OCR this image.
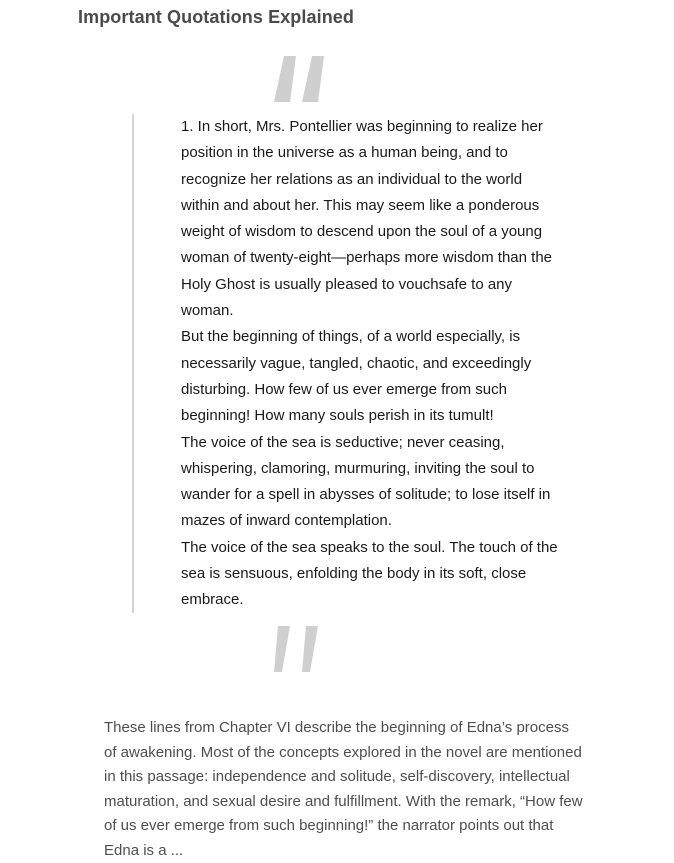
Important Quotations Explained

1. In short, Mrs. Pontellier was beginning to realize her position in the universe as a human being, and to recognize her relations as an individual to the world within and about her. This may seem like a ponderous weight of wisdom to descend upon the soul of a young woman of twenty-eight—perhaps more wisdom than the Holy Ghost is usually pleased to vouchsafe to any woman.

But the beginning of things, of a world especially, is necessarily vague, tangled, chaotic, and exceedingly disturbing. How few of us ever emerge from such beginning! How many souls perish in its tumult!

The voice of the sea is seductive; never ceasing, whispering, clamoring, murmuring, inviting the soul to wander for a spell in abysses of solitude; to lose itself in mazes of inward contemplation.

The voice of the sea speaks to the soul. The touch of the sea is sensuous, enfolding the body in its soft, close embrace.

These lines from Chapter VI describe the beginning of Edna’s process of awakening. Most of the concepts explored in the novel are mentioned in this passage: independence and solitude, self-discovery, intellectual maturation, and sexual desire and fulfillment. With the remark, “How few of us ever emerge from such beginning!” the narrator points out that Edna is a ...
